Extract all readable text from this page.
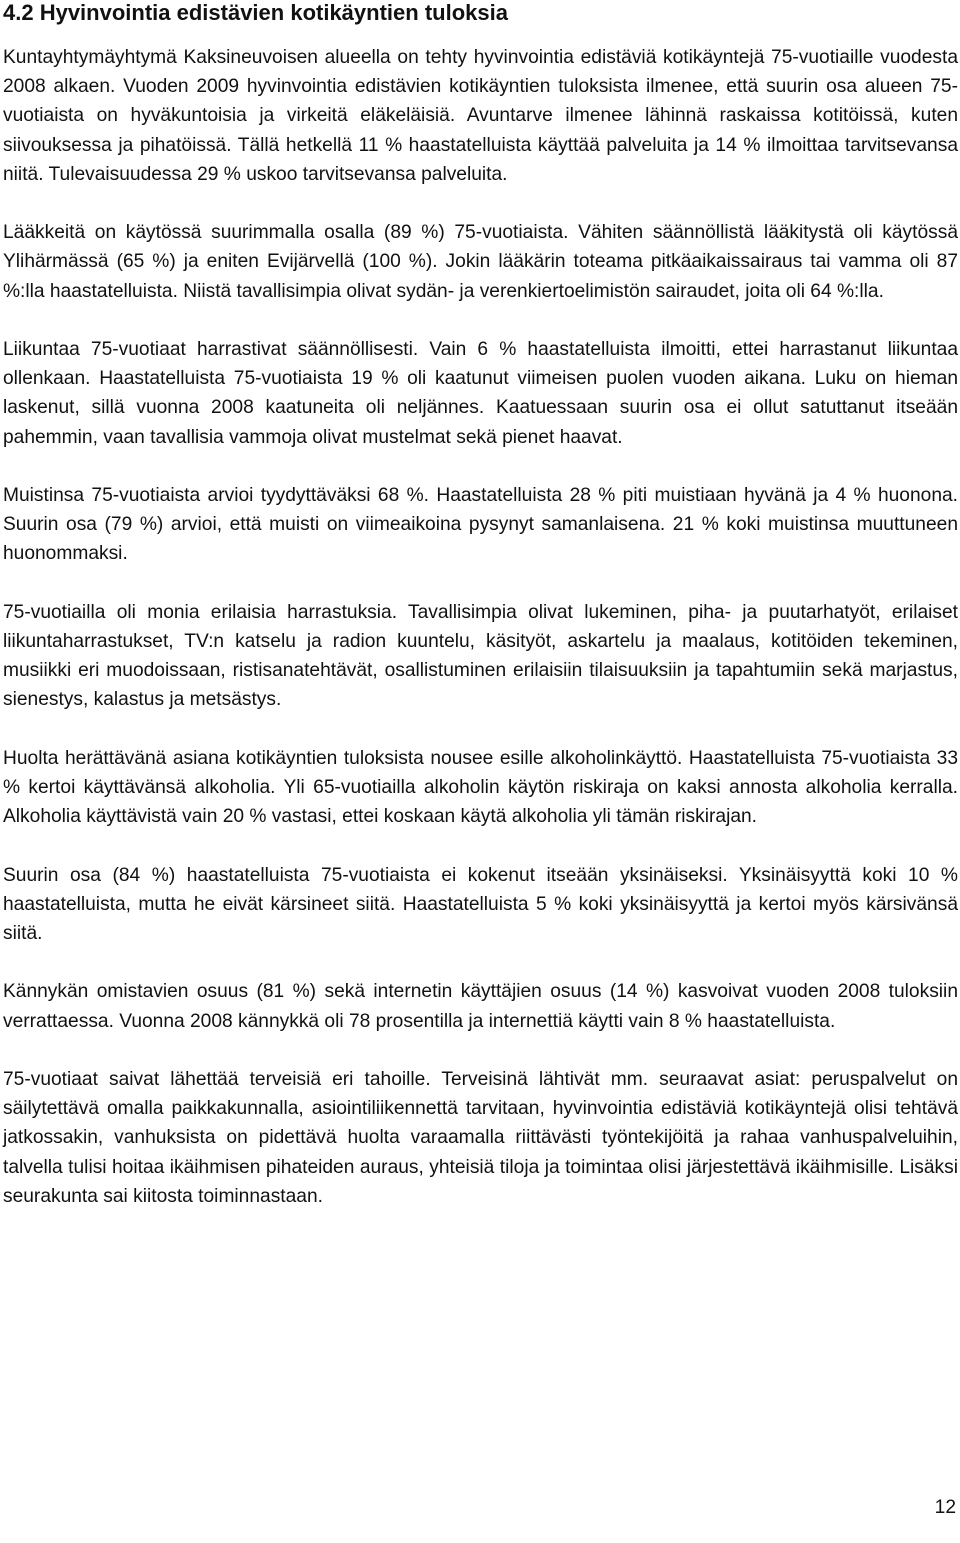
4.2 Hyvinvointia edistävien kotikäyntien tuloksia

Kuntayhtymäyhtymä Kaksineuvoisen alueella on tehty hyvinvointia edistäviä kotikäyntejä 75-vuotiaille vuodesta 2008 alkaen. Vuoden 2009 hyvinvointia edistävien kotikäyntien tuloksista ilmenee, että suurin osa alueen 75-vuotiaista on hyväkuntoisia ja virkeitä eläkeläisiä. Avuntarve ilmenee lähinnä raskaissa kotitöissä, kuten siivouksessa ja pihatöissä. Tällä hetkellä 11 % haastatelluista käyttää palveluita ja 14 % ilmoittaa tarvitsevansa niitä. Tulevaisuudessa 29 % uskoo tarvitsevansa palveluita.

Lääkkeitä on käytössä suurimmalla osalla (89 %) 75-vuotiaista. Vähiten säännöllistä lääkitystä oli käytössä Ylihärmässä (65 %) ja eniten Evijärvellä (100 %). Jokin lääkärin toteama pitkäaikaissairaus tai vamma oli 87 %:lla haastatelluista. Niistä tavallisimpia olivat sydän- ja verenkiertoelimistön sairaudet, joita oli 64 %:lla.

Liikuntaa 75-vuotiaat harrastivat säännöllisesti. Vain 6 % haastatelluista ilmoitti, ettei harrastanut liikuntaa ollenkaan. Haastatelluista 75-vuotiaista 19 % oli kaatunut viimeisen puolen vuoden aikana. Luku on hieman laskenut, sillä vuonna 2008 kaatuneita oli neljännes. Kaatuessaan suurin osa ei ollut satuttanut itseään pahemmin, vaan tavallisia vammoja olivat mustelmat sekä pienet haavat.

Muistinsa 75-vuotiaista arvioi tyydyttäväksi 68 %. Haastatelluista 28 % piti muistiaan hyvänä ja 4 % huonona. Suurin osa (79 %) arvioi, että muisti on viimeaikoina pysynyt samanlaisena. 21 % koki muistinsa muuttuneen huonommaksi.

75-vuotiailla oli monia erilaisia harrastuksia. Tavallisimpia olivat lukeminen, piha- ja puutarhatyöt, erilaiset liikuntaharrastukset, TV:n katselu ja radion kuuntelu, käsityöt, askartelu ja maalaus, kotitöiden tekeminen, musiikki eri muodoissaan, ristisanatehtävät, osallistuminen erilaisiin tilaisuuksiin ja tapahtumiin sekä marjastus, sienestys, kalastus ja metsästys.

Huolta herättävänä asiana kotikäyntien tuloksista nousee esille alkoholinkäyttö. Haastatelluista 75-vuotiaista 33 % kertoi käyttävänsä alkoholia. Yli 65-vuotiailla alkoholin käytön riskiraja on kaksi annosta alkoholia kerralla. Alkoholia käyttävistä vain 20 % vastasi, ettei koskaan käytä alkoholia yli tämän riskirajan.

Suurin osa (84 %) haastatelluista 75-vuotiaista ei kokenut itseään yksinäiseksi. Yksinäisyyttä koki 10 % haastatelluista, mutta he eivät kärsineet siitä. Haastatelluista 5 % koki yksinäisyyttä ja kertoi myös kärsivänsä siitä.

Kännykän omistavien osuus (81 %) sekä internetin käyttäjien osuus (14 %) kasvoivat vuoden 2008 tuloksiin verrattaessa. Vuonna 2008 kännykkä oli 78 prosentilla ja internettiä käytti vain 8 % haastatelluista.

75-vuotiaat saivat lähettää terveisiä eri tahoille. Terveisinä lähtivät mm. seuraavat asiat: peruspalvelut on säilytettävä omalla paikkakunnalla, asiointiliikennettä tarvitaan, hyvinvointia edistäviä kotikäyntejä olisi tehtävä jatkossakin, vanhuksista on pidettävä huolta varaamalla riittävästi työntekijöitä ja rahaa vanhuspalveluihin, talvella tulisi hoitaa ikäihmisen pihateiden auraus, yhteisiä tiloja ja toimintaa olisi järjestettävä ikäihmisille. Lisäksi seurakunta sai kiitosta toiminnastaan.

12
